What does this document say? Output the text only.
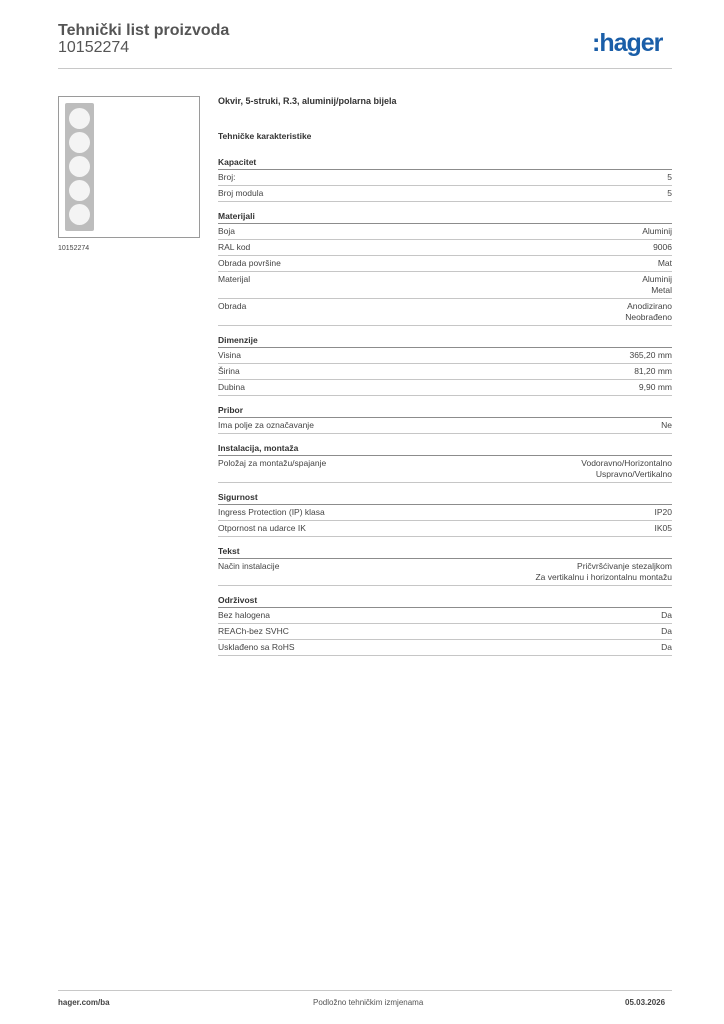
Tehnički list proizvoda
10152274	:hager
10152274
Okvir, 5-struki, R.3, aluminij/polarna bijela
Tehničke karakteristike
Kapacitet
Broj:	5
Broj modula	5
Materijali
Boja	Aluminij
RAL kod	9006
Obrada površine	Mat
Materijal	Aluminij
Metal
Obrada	Anodizirano
Neobrađeno
Dimenzije
Visina	365,20 mm
Širina	81,20 mm
Dubina	9,90 mm
Pribor
Ima polje za označavanje	Ne
Instalacija, montaža
Položaj za montažu/spajanje	Vodoravno/Horizontalno
Uspravno/Vertikalno
Sigurnost
Ingress Protection (IP) klasa	IP20
Otpornost na udarce IK	IK05
Tekst
Način instalacije	Pričvršćivanje stezaljkom
Za vertikalnu i horizontalnu montažu
Održivost
Bez halogena	Da
REACh-bez SVHC	Da
Usklađeno sa RoHS	Da
hager.com/ba	Podložno tehničkim izmjenama	05.03.2026
